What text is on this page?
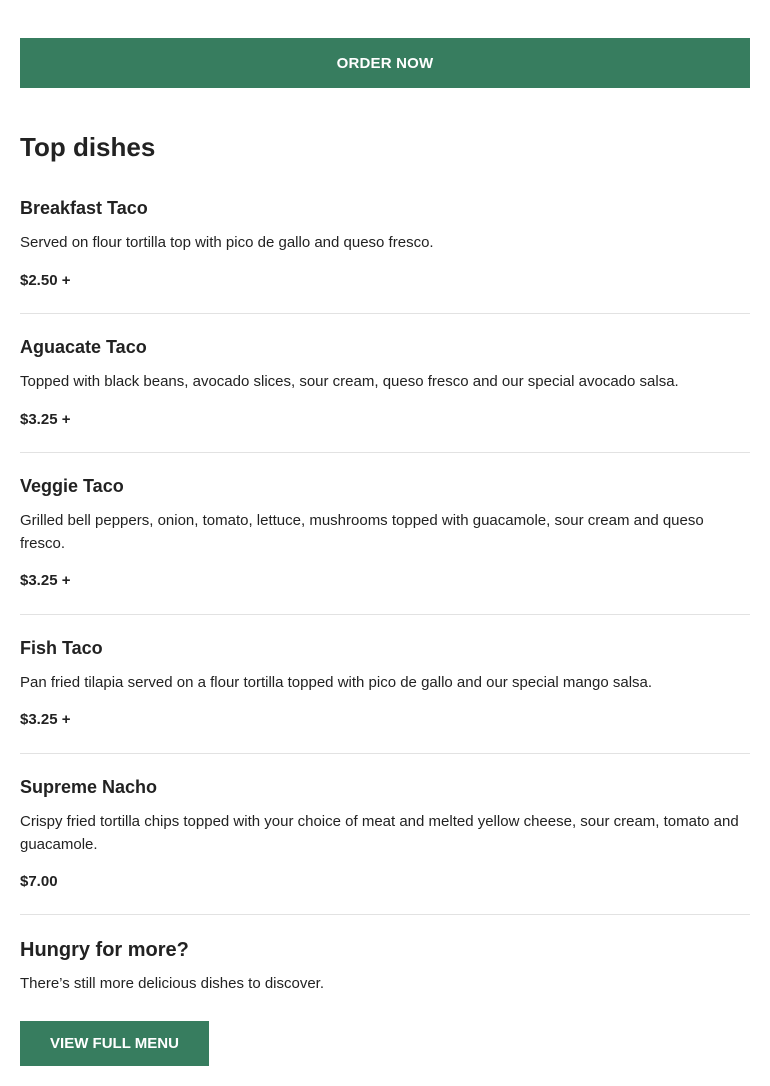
ORDER NOW
Top dishes
Breakfast Taco
Served on flour tortilla top with pico de gallo and queso fresco.
$2.50 +
Aguacate Taco
Topped with black beans, avocado slices, sour cream, queso fresco and our special avocado salsa.
$3.25 +
Veggie Taco
Grilled bell peppers, onion, tomato, lettuce, mushrooms topped with guacamole, sour cream and queso fresco.
$3.25 +
Fish Taco
Pan fried tilapia served on a flour tortilla topped with pico de gallo and our special mango salsa.
$3.25 +
Supreme Nacho
Crispy fried tortilla chips topped with your choice of meat and melted yellow cheese, sour cream, tomato and guacamole.
$7.00
Hungry for more?

There’s still more delicious dishes to discover.

VIEW FULL MENU
